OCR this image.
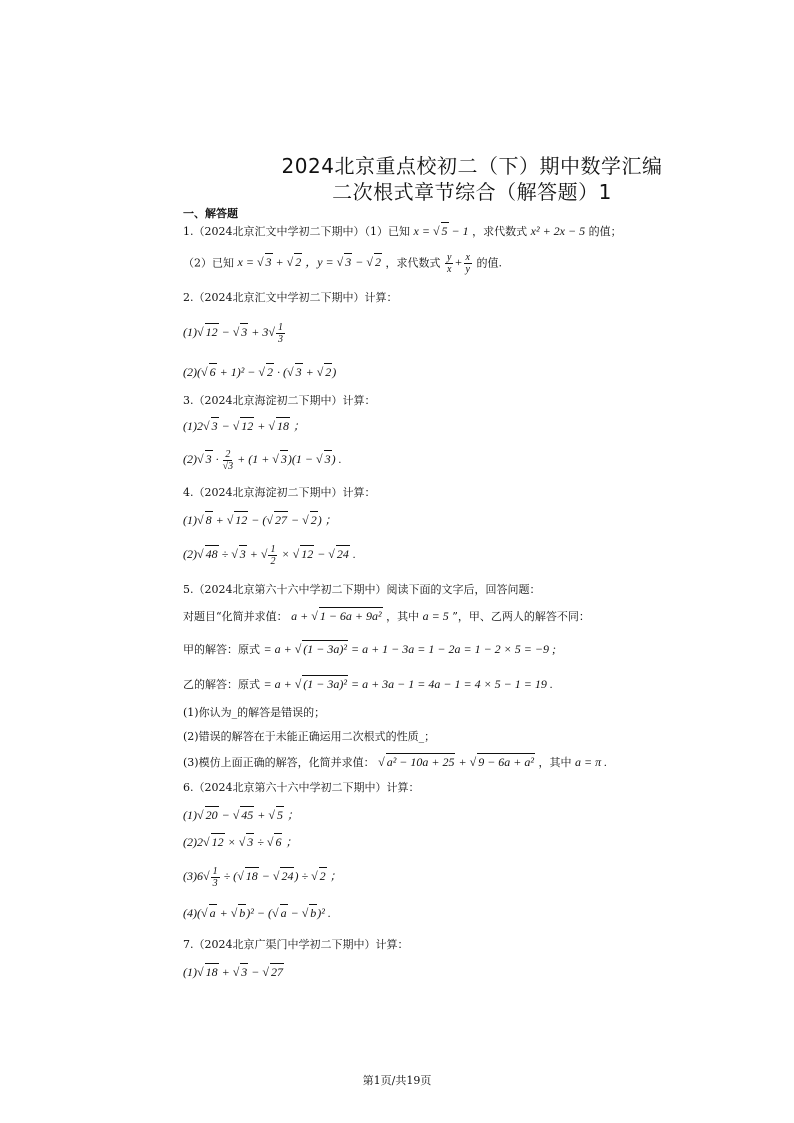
2024北京重点校初二（下）期中数学汇编
二次根式章节综合（解答题）1
一、解答题
1.（2024北京汇文中学初二下期中）（1）已知 x = √ 5 − 1 ，求代数式 x² + 2x − 5 的值；
（2）已知 x = √ 3 + √ 2 ，y = √ 3 − √ 2 ，求代数式 $\frac{y}{x} + \frac{x}{y}$ 的值.
2.（2024北京汇文中学初二下期中）计算：
(1)√ 12 − √ $3 + 3√ \frac{1}{3}$
(2)(√ 6 + 1)² − √ 2 · (√ 3 + √ 2)
3.（2024北京海淀初二下期中）计算：
(1)2√ 3 − √ 12 + √ 18 ；
(2)√ $3 \cdot \frac{2}{√3} + (1$ + √ 3)(1 − √ 3) .
4.（2024北京海淀初二下期中）计算：
(1)√ 8 + √ 12 − (√ 27 − √ 2) ；
(2)√ 48 ÷ √ 3 + √ $\frac{1}{2}$ × √ 12 − √ 24 .
5.（2024北京第六十六中学初二下期中）阅读下面的文字后，回答问题：
对题目“化简并求值： a + √ 1 − 6a + 9a² ，其中 a = 5 ”，甲、乙两人的解答不同：
甲的解答：原式 = a + √ (1 − 3a)² = a + 1 − 3a = 1 − 2a = 1 − 2 × 5 = −9 ;
乙的解答：原式 = a + √ (1 − 3a)² = a + 3a − 1 = 4a − 1 = 4 × 5 − 1 = 19 .
(1)你认为_的解答是错误的；
(2)错误的解答在于未能正确运用二次根式的性质_；
(3)模仿上面正确的解答，化简并求值： √ a² − 10a + 25 + √ 9 − 6a + a² ，其中 a = π .
6.（2024北京第六十六中学初二下期中）计算：
(1)√ 20 − √ 45 + √ 5 ；
(2)2√ 12 × √ 3 ÷ √ 6 ；
$(3)6√ \frac{1}{3}$ ÷ (√ 18 − √ 24) ÷ √ 2 ；
(4)(√ a + √ b)² − (√ a − √ b)² .
7.（2024北京广渠门中学初二下期中）计算：
(1)√ 18 + √ 3 − √ 27
第1页/共19页
